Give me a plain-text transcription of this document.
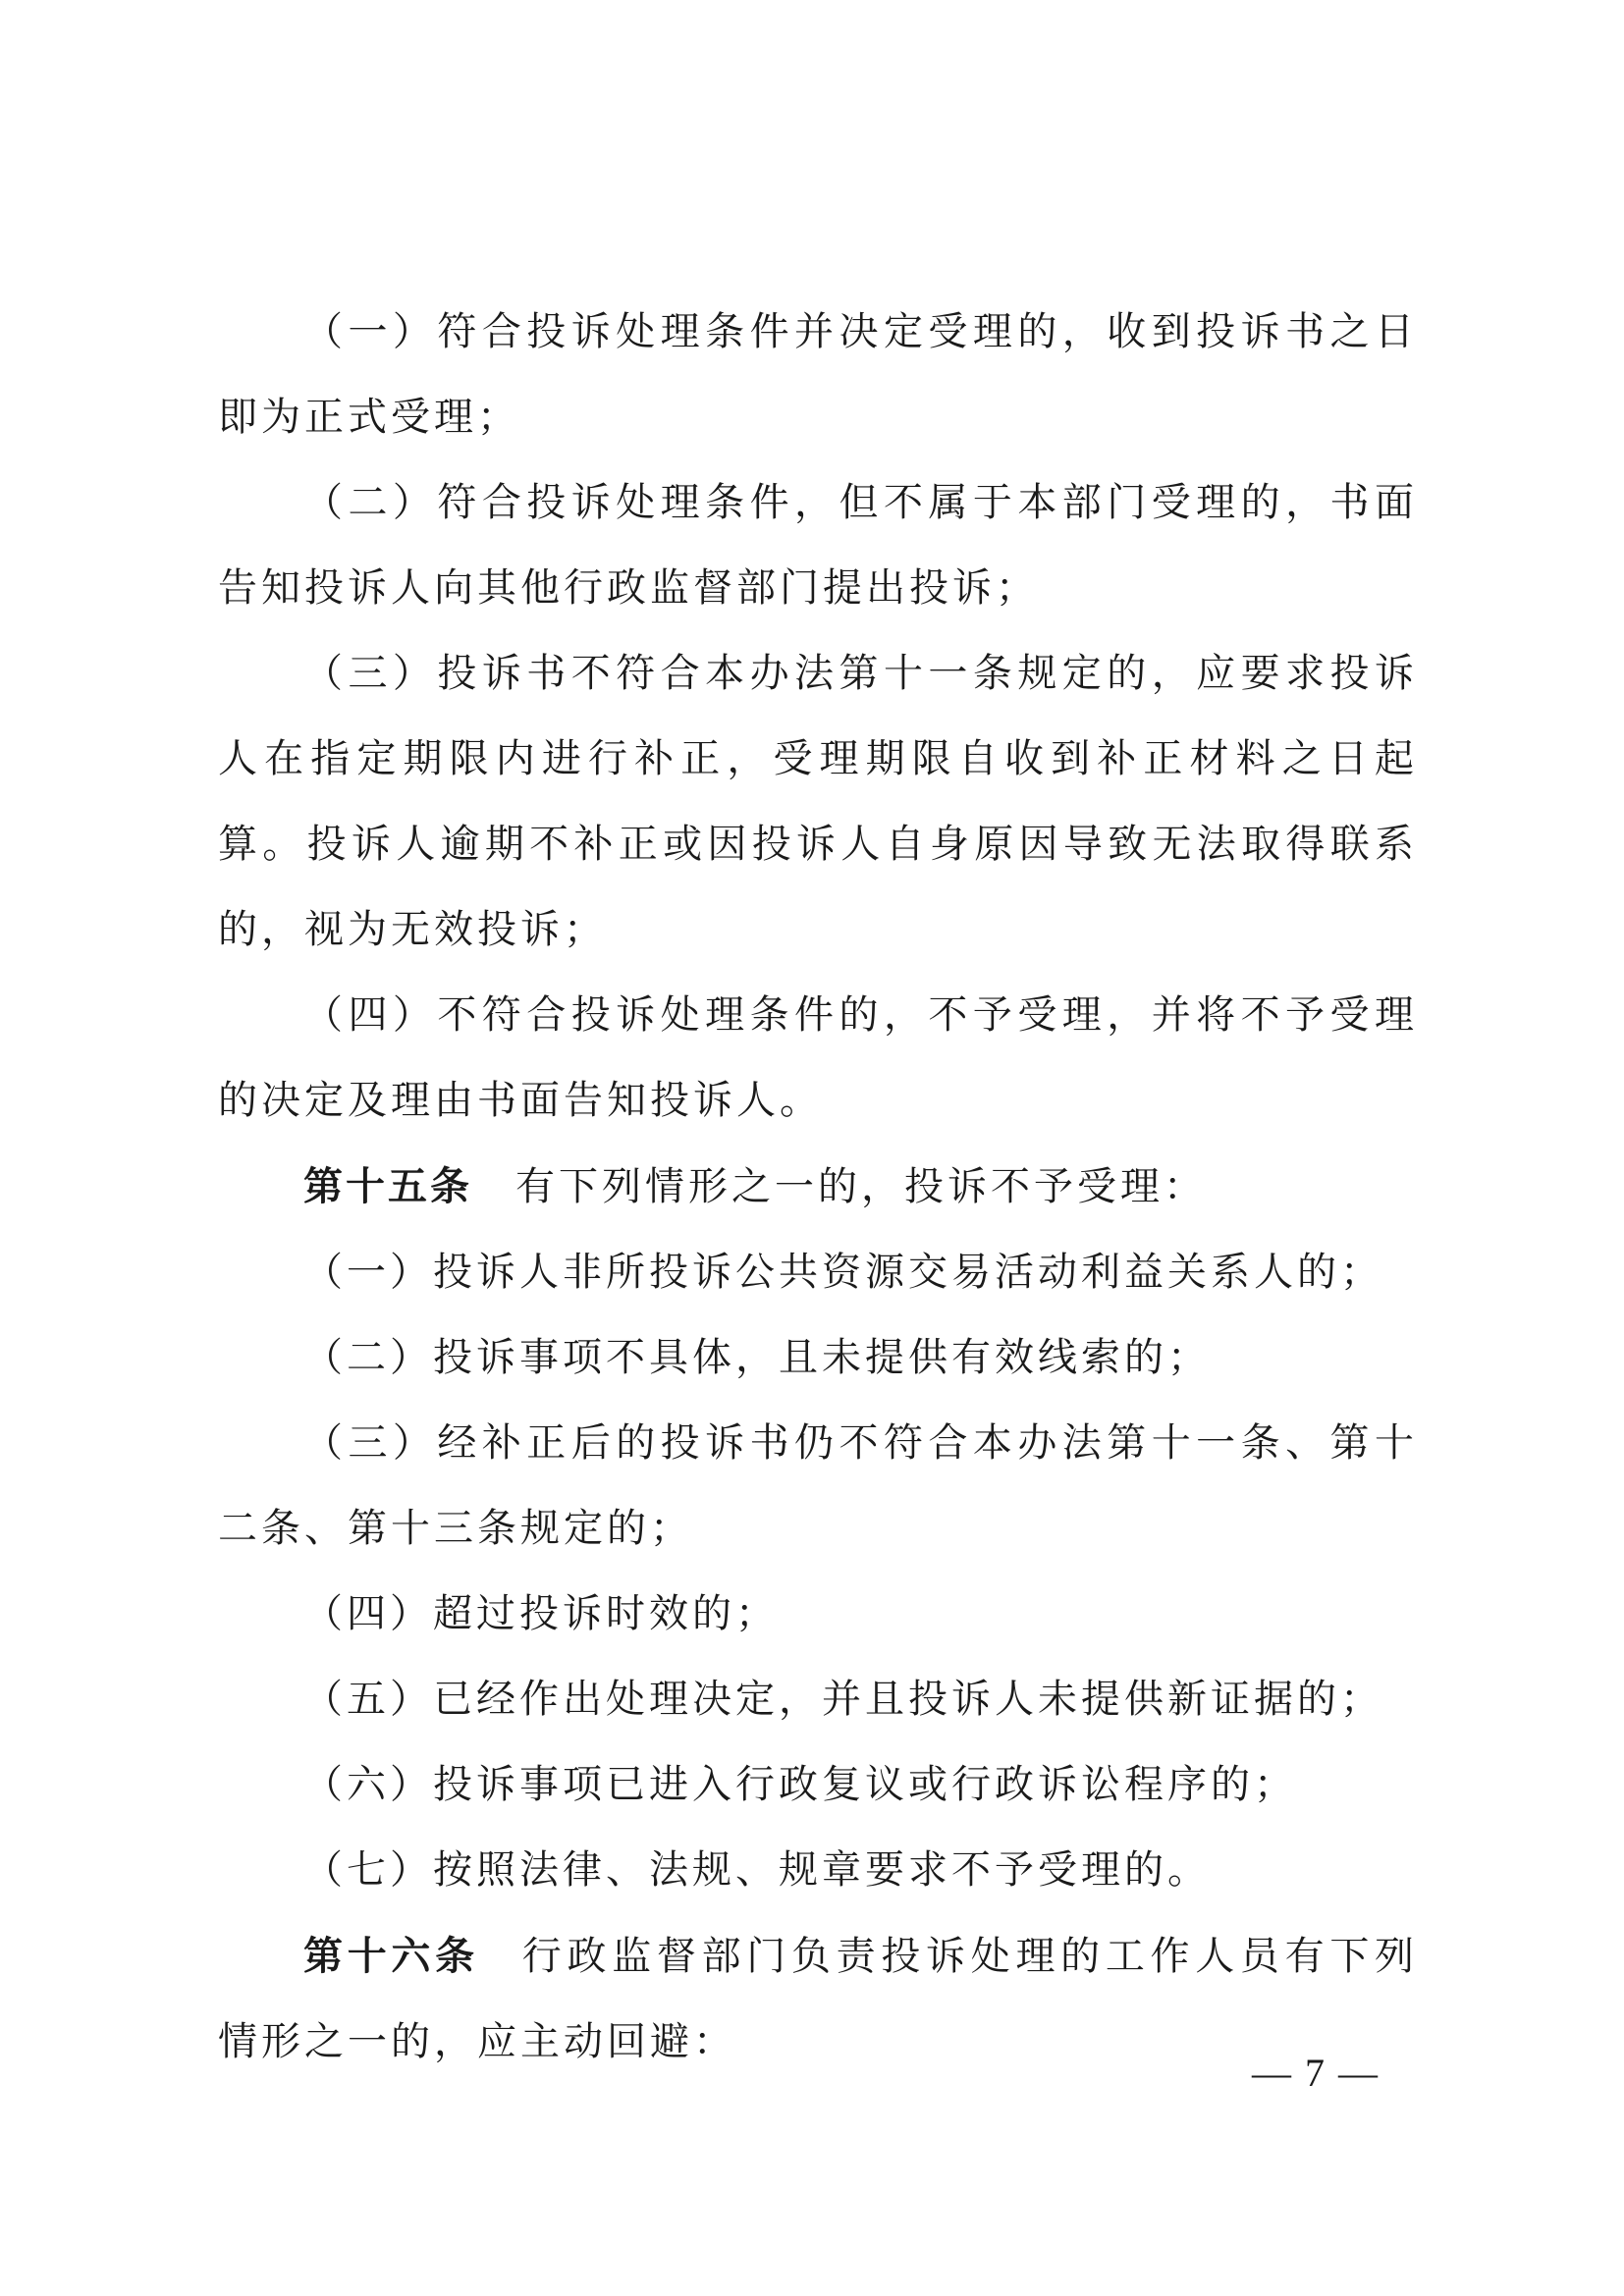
（一）符合投诉处理条件并决定受理的，收到投诉书之日即为正式受理；

（二）符合投诉处理条件，但不属于本部门受理的，书面告知投诉人向其他行政监督部门提出投诉；

（三）投诉书不符合本办法第十一条规定的，应要求投诉人在指定期限内进行补正，受理期限自收到补正材料之日起算。投诉人逾期不补正或因投诉人自身原因导致无法取得联系的，视为无效投诉；

（四）不符合投诉处理条件的，不予受理，并将不予受理的决定及理由书面告知投诉人。

第十五条 有下列情形之一的，投诉不予受理：

（一）投诉人非所投诉公共资源交易活动利益关系人的；

（二）投诉事项不具体，且未提供有效线索的；

（三）经补正后的投诉书仍不符合本办法第十一条、第十二条、第十三条规定的；

（四）超过投诉时效的；

（五）已经作出处理决定，并且投诉人未提供新证据的；

（六）投诉事项已进入行政复议或行政诉讼程序的；

（七）按照法律、法规、规章要求不予受理的。

第十六条 行政监督部门负责投诉处理的工作人员有下列情形之一的，应主动回避：

— 7 —
